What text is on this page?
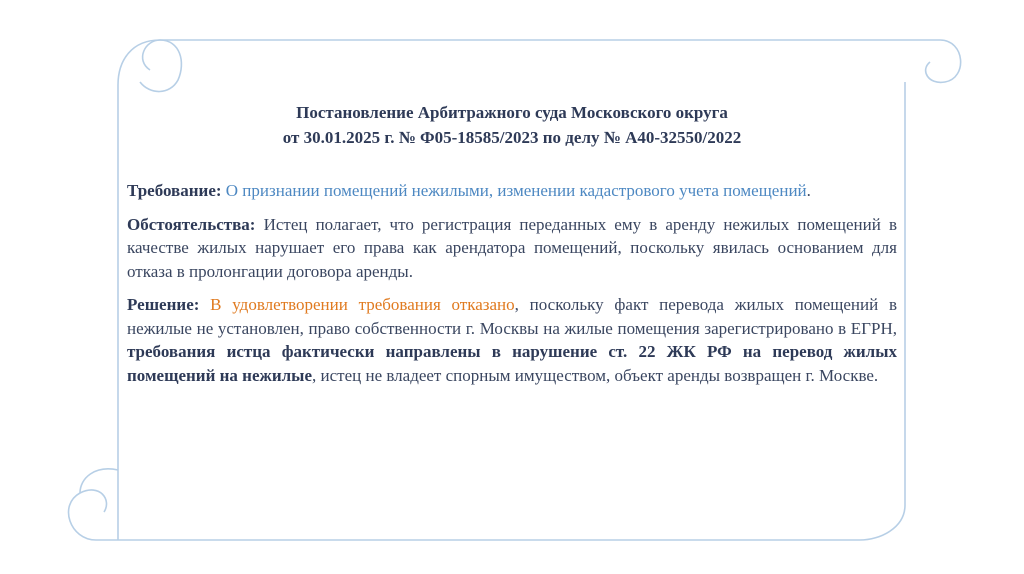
Постановление Арбитражного суда Московского округа
от 30.01.2025 г. № Ф05-18585/2023 по делу № А40-32550/2022
Требование: О признании помещений нежилыми, изменении кадастрового учета помещений.
Обстоятельства: Истец полагает, что регистрация переданных ему в аренду нежилых помещений в качестве жилых нарушает его права как арендатора помещений, поскольку явилась основанием для отказа в пролонгации договора аренды.
Решение: В удовлетворении требования отказано, поскольку факт перевода жилых помещений в нежилые не установлен, право собственности г. Москвы на жилые помещения зарегистрировано в ЕГРН, требования истца фактически направлены в нарушение ст. 22 ЖК РФ на перевод жилых помещений на нежилые, истец не владеет спорным имуществом, объект аренды возвращен г. Москве.
